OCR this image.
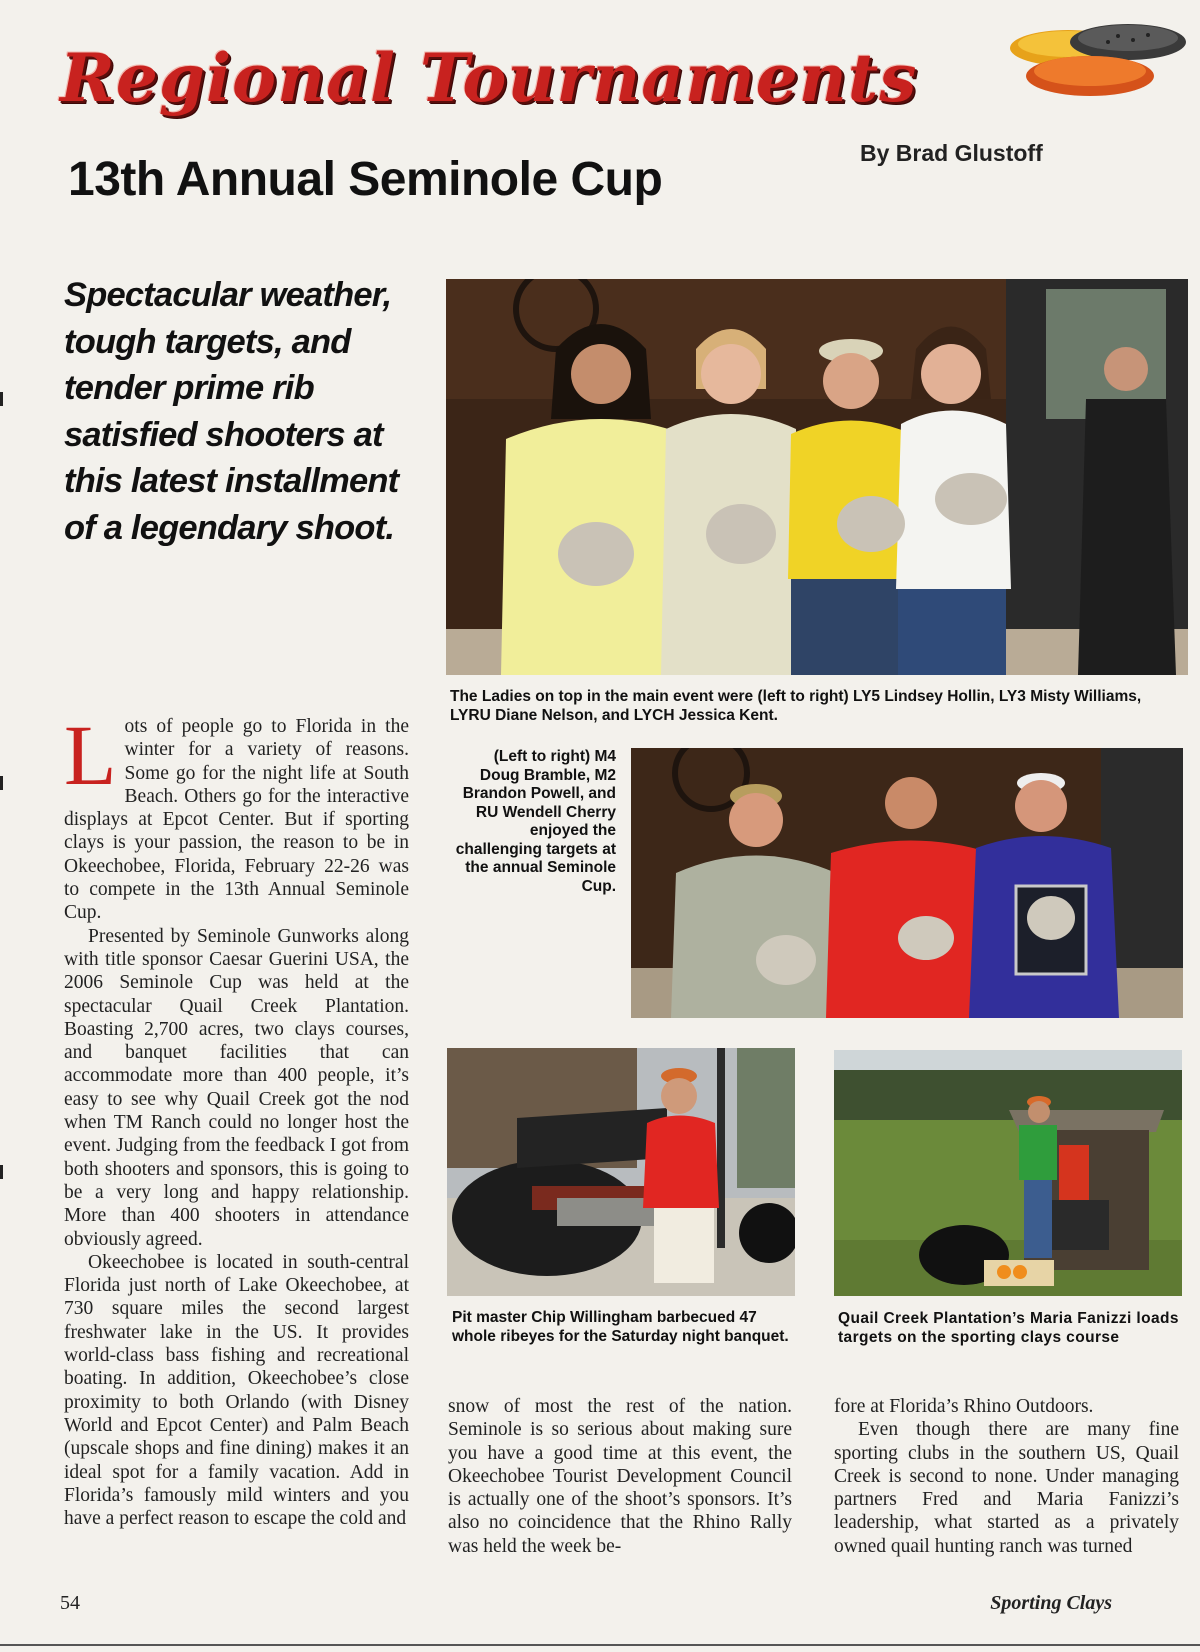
Regional Tournaments
By Brad Glustoff
13th Annual Seminole Cup
Spectacular weather, tough targets, and tender prime rib satisfied shooters at this latest installment of a legendary shoot.
The Ladies on top in the main event were (left to right) LY5 Lindsey Hollin, LY3 Misty Williams, LYRU Diane Nelson, and LYCH Jessica Kent.
(Left to right) M4 Doug Bramble, M2 Brandon Powell, and RU Wendell Cherry enjoyed the challenging targets at the annual Seminole Cup.
Pit master Chip Willingham barbecued 47 whole ribeyes for the Saturday night banquet.
Quail Creek Plantation’s Maria Fanizzi loads targets on the sporting clays course

Lots of people go to Florida in the winter for a variety of reasons. Some go for the night life at South Beach. Others go for the interactive displays at Epcot Center. But if sporting clays is your passion, the reason to be in Okeechobee, Florida, February 22-26 was to compete in the 13th Annual Seminole Cup.

Presented by Seminole Gunworks along with title sponsor Caesar Guerini USA, the 2006 Seminole Cup was held at the spectacular Quail Creek Plantation. Boasting 2,700 acres, two clays courses, and banquet facilities that can accommodate more than 400 people, it’s easy to see why Quail Creek got the nod when TM Ranch could no longer host the event. Judging from the feedback I got from both shooters and sponsors, this is going to be a very long and happy relationship. More than 400 shooters in attendance obviously agreed.

Okeechobee is located in south-central Florida just north of Lake Okeechobee, at 730 square miles the second largest freshwater lake in the US. It provides world-class bass fishing and recreational boating. In addition, Okeechobee’s close proximity to both Orlando (with Disney World and Epcot Center) and Palm Beach (upscale shops and fine dining) makes it an ideal spot for a family vacation. Add in Florida’s famously mild winters and you have a perfect reason to escape the cold and

snow of most the rest of the nation. Seminole is so serious about making sure you have a good time at this event, the Okeechobee Tourist Development Council is actually one of the shoot’s sponsors. It’s also no coincidence that the Rhino Rally was held the week be-

fore at Florida’s Rhino Outdoors.

Even though there are many fine sporting clubs in the southern US, Quail Creek is second to none. Under managing partners Fred and Maria Fanizzi’s leadership, what started as a privately owned quail hunting ranch was turned

54	Sporting Clays
